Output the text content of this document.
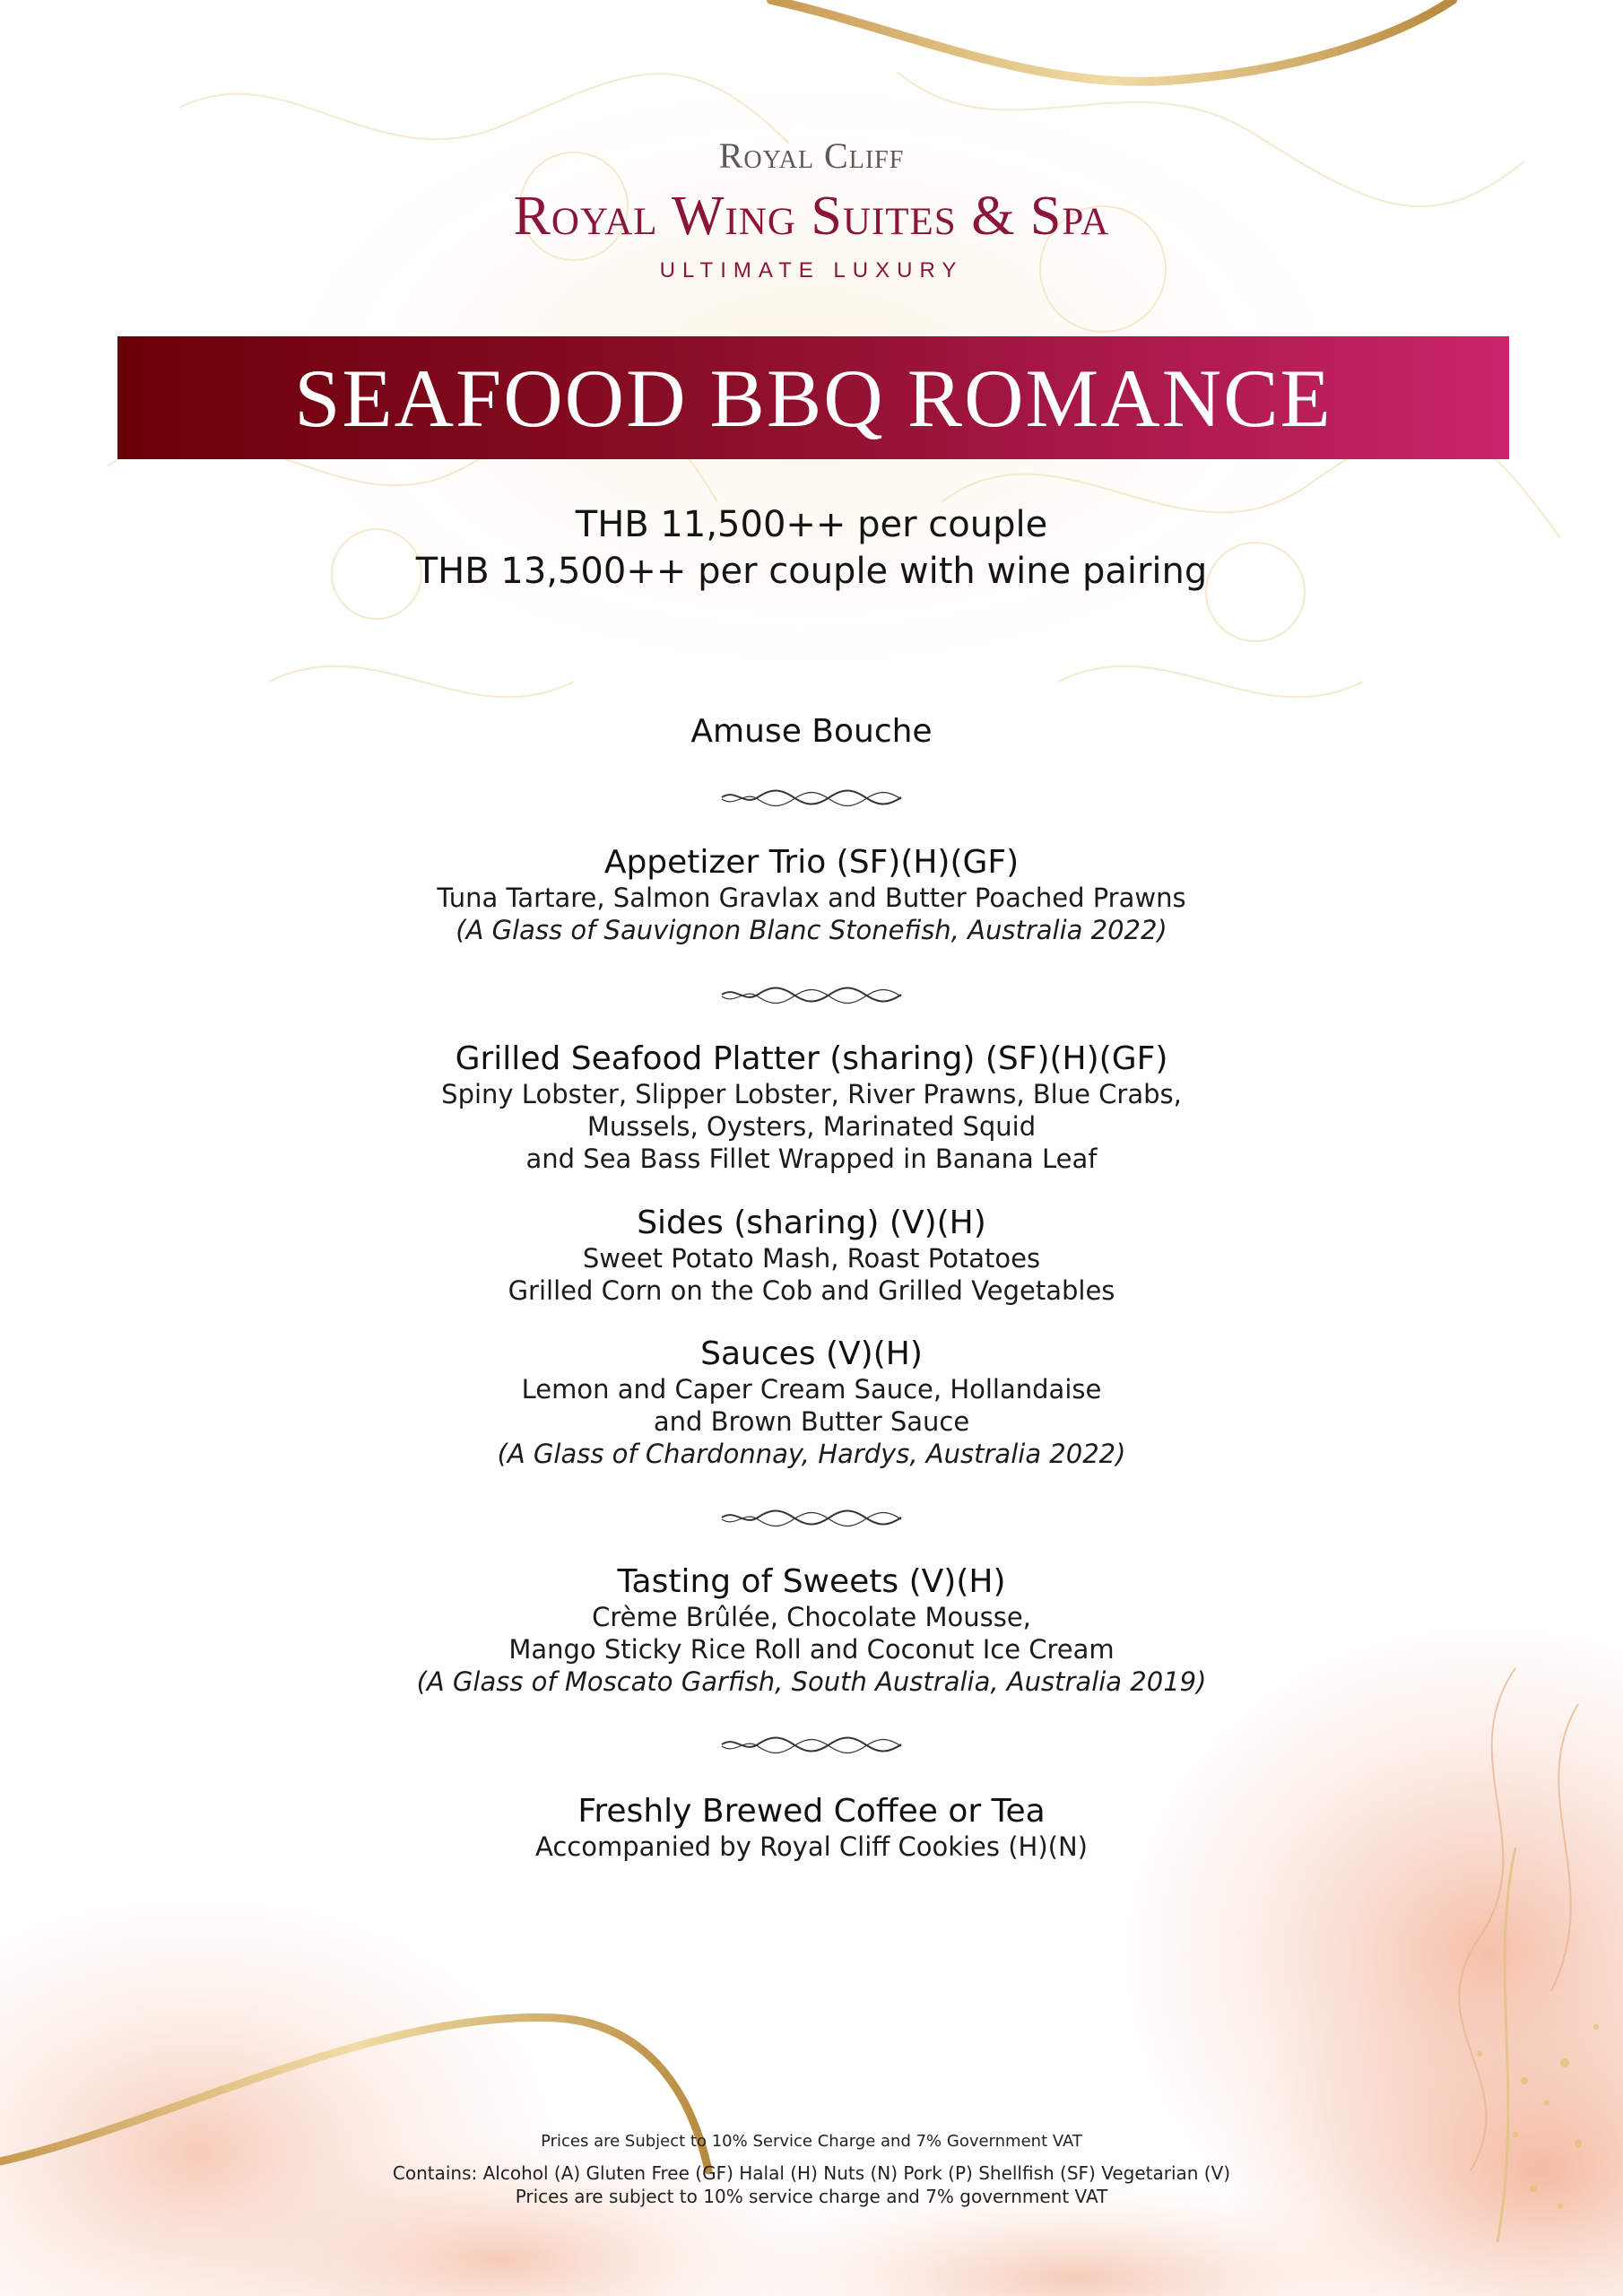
Royal Cliff
Royal Wing Suites & Spa
ULTIMATE LUXURY
SEAFOOD BBQ ROMANCE
THB 11,500++ per couple
THB 13,500++ per couple with wine pairing
Amuse Bouche
Appetizer Trio (SF)(H)(GF)
Tuna Tartare, Salmon Gravlax and Butter Poached Prawns
(A Glass of Sauvignon Blanc Stonefish, Australia 2022)
Grilled Seafood Platter (sharing) (SF)(H)(GF)
Spiny Lobster, Slipper Lobster, River Prawns, Blue Crabs,
Mussels, Oysters, Marinated Squid
and Sea Bass Fillet Wrapped in Banana Leaf
Sides (sharing) (V)(H)
Sweet Potato Mash, Roast Potatoes
Grilled Corn on the Cob and Grilled Vegetables
Sauces (V)(H)
Lemon and Caper Cream Sauce, Hollandaise
and Brown Butter Sauce
(A Glass of Chardonnay, Hardys, Australia 2022)
Tasting of Sweets (V)(H)
Crème Brûlée, Chocolate Mousse,
Mango Sticky Rice Roll and Coconut Ice Cream
(A Glass of Moscato Garfish, South Australia, Australia 2019)
Freshly Brewed Coffee or Tea
Accompanied by Royal Cliff Cookies (H)(N)
Prices are Subject to 10% Service Charge and 7% Government VAT
Contains: Alcohol (A) Gluten Free (GF) Halal (H) Nuts (N) Pork (P) Shellfish (SF) Vegetarian (V)
Prices are subject to 10% service charge and 7% government VAT
